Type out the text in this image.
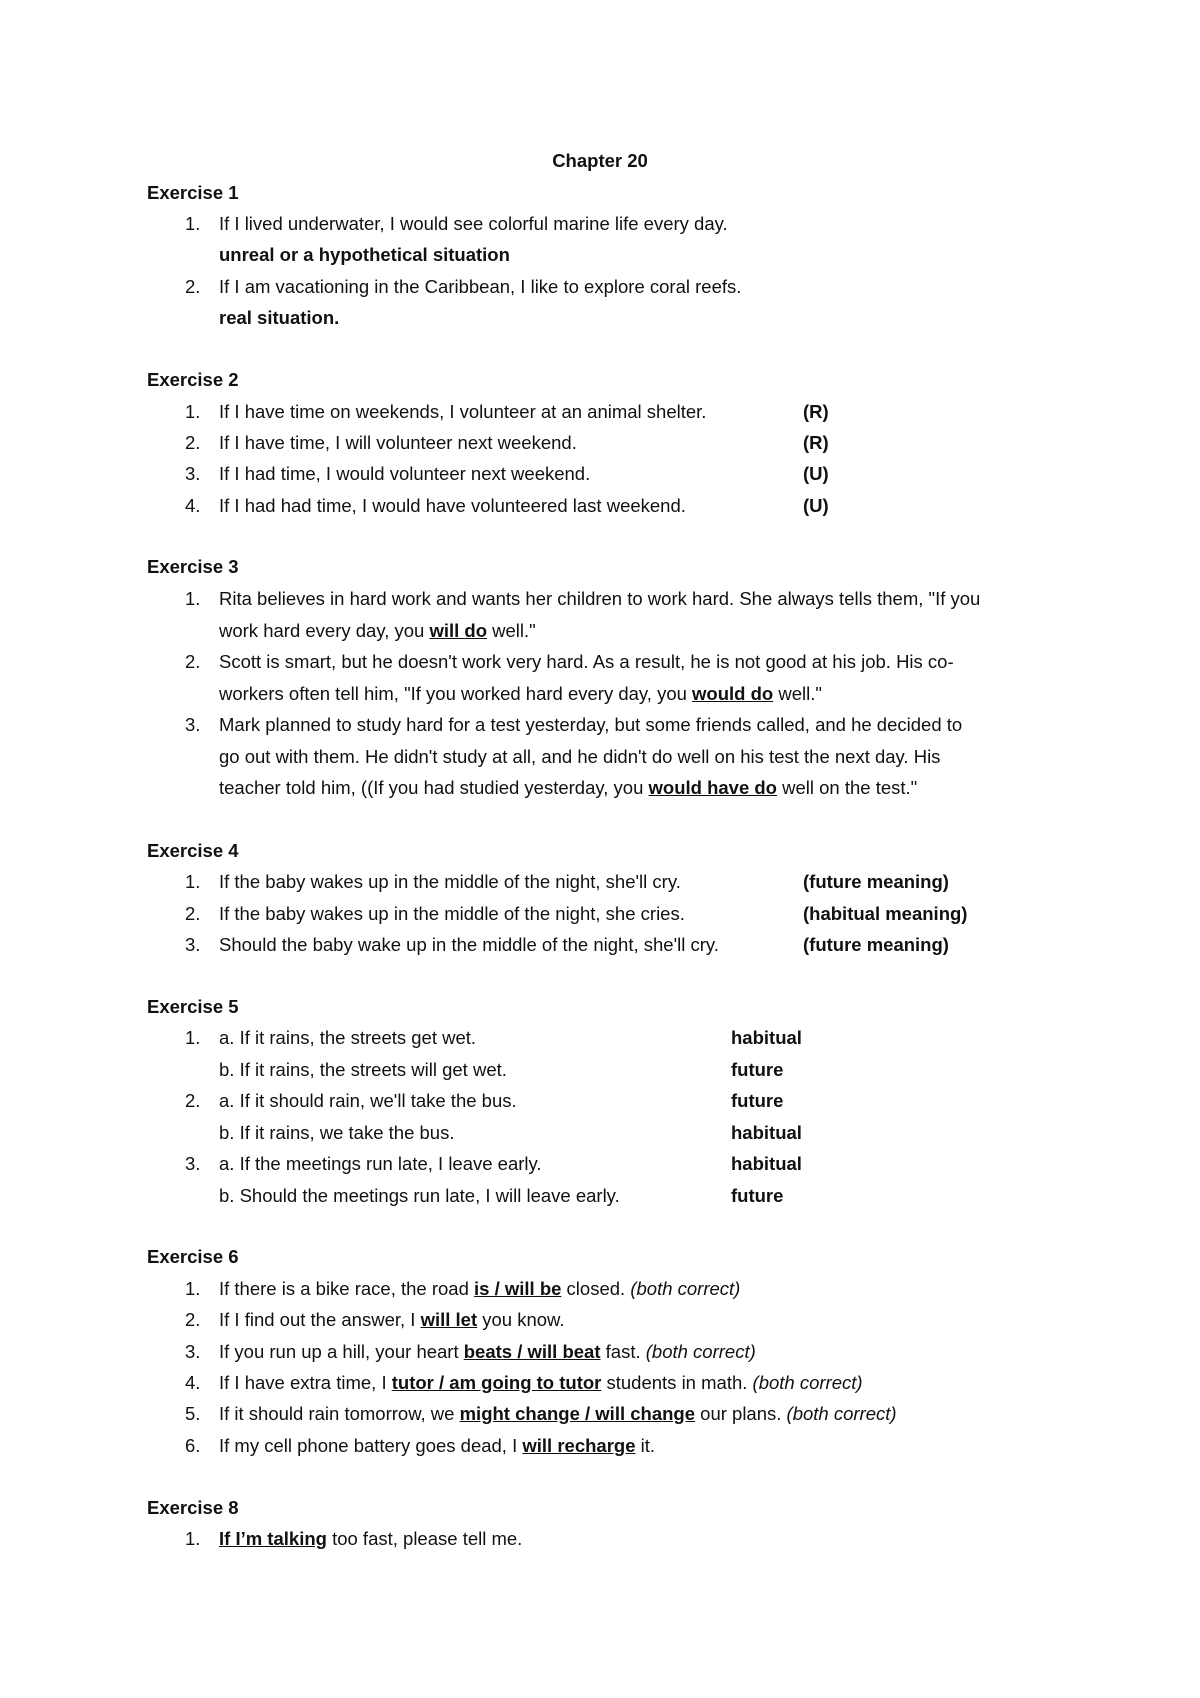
Chapter 20
Exercise 1
1.	If I lived underwater, I would see colorful marine life every day.
unreal or a hypothetical situation
2.	If I am vacationing in the Caribbean, I like to explore coral reefs.
real situation.
Exercise 2
1.	If I have time on weekends, I volunteer at an animal shelter.	(R)
2.	If I have time, I will volunteer next weekend.	(R)
3.	If I had time, I would volunteer next weekend.	(U)
4.	If I had had time, I would have volunteered last weekend.	(U)
Exercise 3
1.	Rita believes in hard work and wants her children to work hard. She always tells them, "If you
work hard every day, you will do well."
2.	Scott is smart, but he doesn't work very hard. As a result, he is not good at his job. His co-
workers often tell him, "If you worked hard every day, you would do well."
3.	Mark planned to study hard for a test yesterday, but some friends called, and he decided to
go out with them. He didn't study at all, and he didn't do well on his test the next day. His
teacher told him, ((If you had studied yesterday, you would have do well on the test."
Exercise 4
1.	If the baby wakes up in the middle of the night, she'll cry.	(future meaning)
2.	If the baby wakes up in the middle of the night, she cries.	(habitual meaning)
3.	Should the baby wake up in the middle of the night, she'll cry.	(future meaning)
Exercise 5
1.	a. If it rains, the streets get wet.	habitual
b. If it rains, the streets will get wet.	future
2.	a. If it should rain, we'll take the bus.	future
b. If it rains, we take the bus.	habitual
3.	a. If the meetings run late, I leave early.	habitual
b. Should the meetings run late, I will leave early.	future
Exercise 6
1.	If there is a bike race, the road is / will be closed. (both correct)
2.	If I find out the answer, I will let you know.
3.	If you run up a hill, your heart beats / will beat fast. (both correct)
4.	If I have extra time, I tutor / am going to tutor students in math. (both correct)
5.	If it should rain tomorrow, we might change / will change our plans. (both correct)
6.	If my cell phone battery goes dead, I will recharge it.
Exercise 8
1.	If I’m talking too fast, please tell me.
